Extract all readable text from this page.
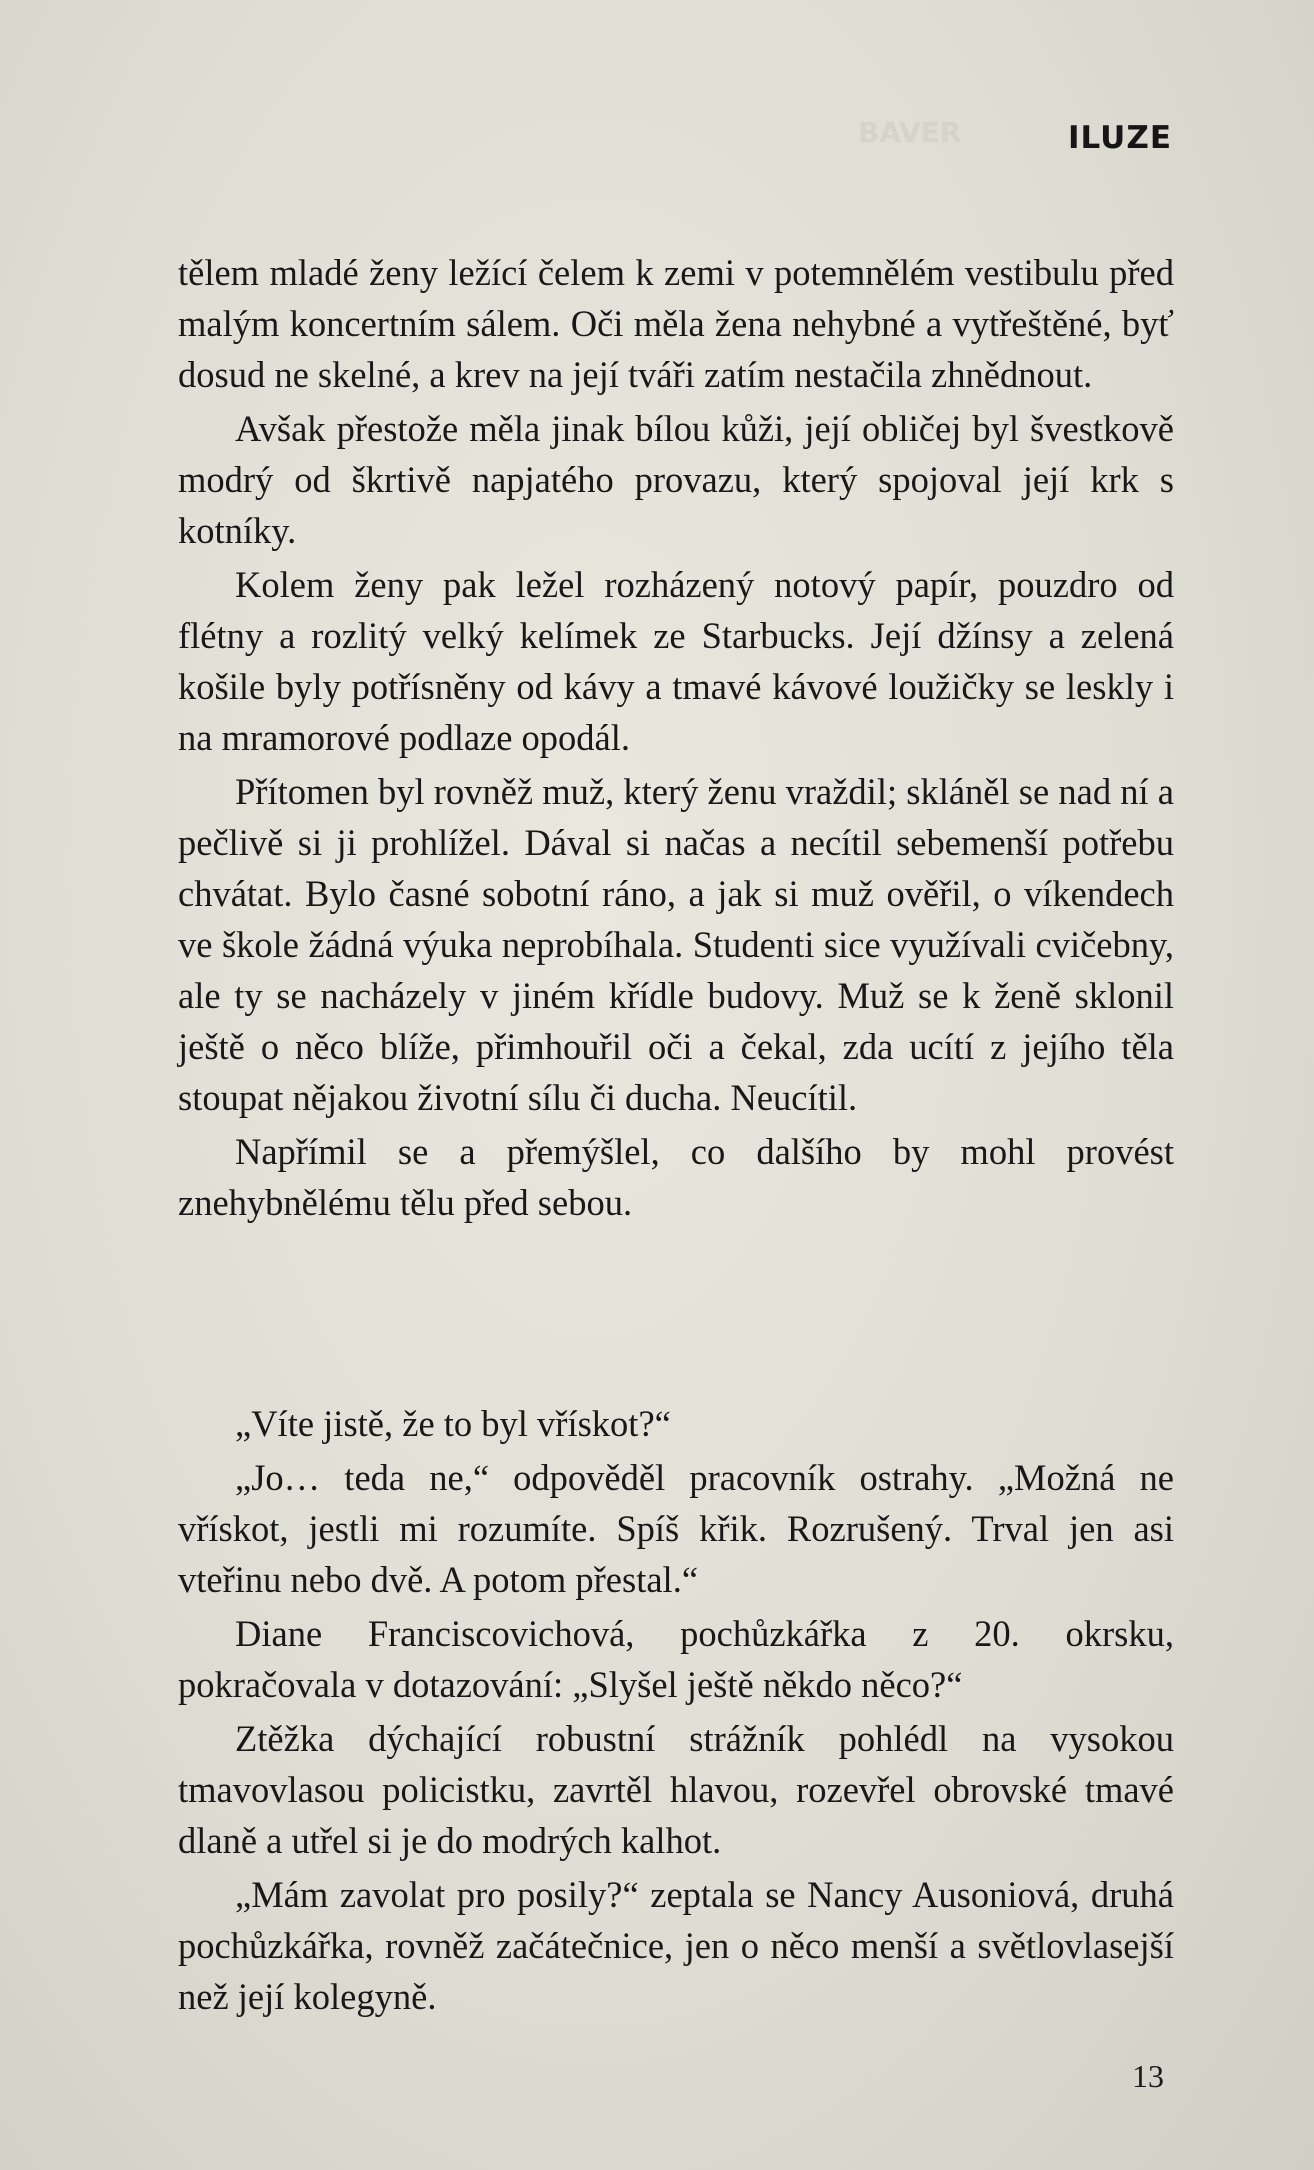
BAVER	ILUZE

tělem mladé ženy ležící čelem k zemi v potemnělém vestibulu před malým koncertním sálem. Oči měla žena nehybné a vytřeštěné, byť dosud ne skelné, a krev na její tváři zatím nestačila zhnědnout.

Avšak přestože měla jinak bílou kůži, její obličej byl švestkově modrý od škrtivě napjatého provazu, který spojoval její krk s kotníky.

Kolem ženy pak ležel rozházený notový papír, pouzdro od flétny a rozlitý velký kelímek ze Starbucks. Její džínsy a zelená košile byly potřísněny od kávy a tmavé kávové loužičky se leskly i na mramorové podlaze opodál.

Přítomen byl rovněž muž, který ženu vraždil; skláněl se nad ní a pečlivě si ji prohlížel. Dával si načas a necítil sebemenší potřebu chvátat. Bylo časné sobotní ráno, a jak si muž ověřil, o víkendech ve škole žádná výuka neprobíhala. Studenti sice využívali cvičebny, ale ty se nacházely v jiném křídle budovy. Muž se k ženě sklonil ještě o něco blíže, přimhouřil oči a čekal, zda ucítí z jejího těla stoupat nějakou životní sílu či ducha. Neucítil.

Napřímil se a přemýšlel, co dalšího by mohl provést znehybnělému tělu před sebou.

„Víte jistě, že to byl vřískot?“

„Jo… teda ne,“ odpověděl pracovník ostrahy. „Možná ne vřískot, jestli mi rozumíte. Spíš křik. Rozrušený. Trval jen asi vteřinu nebo dvě. A potom přestal.“

Diane Franciscovichová, pochůzkářka z 20. okrsku, pokračovala v dotazování: „Slyšel ještě někdo něco?“

Ztěžka dýchající robustní strážník pohlédl na vysokou tmavovlasou policistku, zavrtěl hlavou, rozevřel obrovské tmavé dlaně a utřel si je do modrých kalhot.

„Mám zavolat pro posily?“ zeptala se Nancy Ausoniová, druhá pochůzkářka, rovněž začátečnice, jen o něco menší a světlovlasejší než její kolegyně.

13
